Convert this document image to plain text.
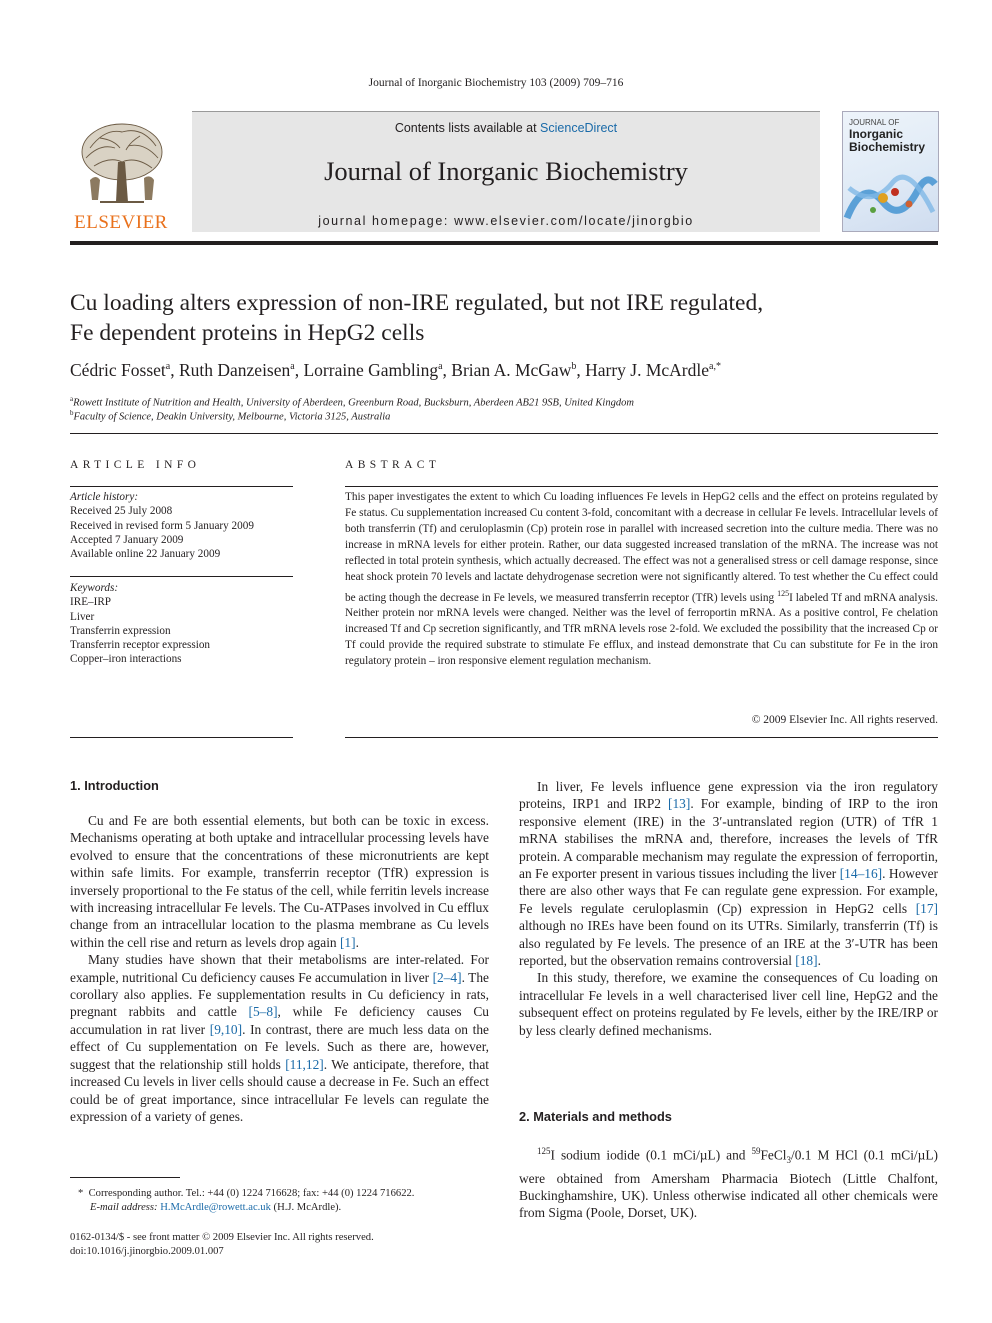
Journal of Inorganic Biochemistry 103 (2009) 709–716
ELSEVIER
Contents lists available at ScienceDirect
Journal of Inorganic Biochemistry
journal homepage: www.elsevier.com/locate/jinorgbio
JOURNAL OF
Inorganic
Biochemistry
Cu loading alters expression of non-IRE regulated, but not IRE regulated,
Fe dependent proteins in HepG2 cells
Cédric Fosset$^a$, Ruth Danzeisen$^a$, Lorraine Gambling$^a$, Brian A. McGaw$^b$, Harry J. McArdle$^{a,*}$
$^a$Rowett Institute of Nutrition and Health, University of Aberdeen, Greenburn Road, Bucksburn, Aberdeen AB21 9SB, United Kingdom
$^b$Faculty of Science, Deakin University, Melbourne, Victoria 3125, Australia
ARTICLE INFO
Article history:
Received 25 July 2008
Received in revised form 5 January 2009
Accepted 7 January 2009
Available online 22 January 2009
Keywords:
IRE–IRP
Liver
Transferrin expression
Transferrin receptor expression
Copper–iron interactions
ABSTRACT
This paper investigates the extent to which Cu loading influences Fe levels in HepG2 cells and the effect on proteins regulated by Fe status. Cu supplementation increased Cu content 3-fold, concomitant with a decrease in cellular Fe levels. Intracellular levels of both transferrin (Tf) and ceruloplasmin (Cp) protein rose in parallel with increased secretion into the culture media. There was no increase in mRNA levels for either protein. Rather, our data suggested increased translation of the mRNA. The increase was not reflected in total protein synthesis, which actually decreased. The effect was not a generalised stress or cell damage response, since heat shock protein 70 levels and lactate dehydrogenase secretion were not significantly altered. To test whether the Cu effect could be acting though the decrease in Fe levels, we measured transferrin receptor (TfR) levels using $^{125}$I labeled Tf and mRNA analysis. Neither protein nor mRNA levels were changed. Neither was the level of ferroportin mRNA. As a positive control, Fe chelation increased Tf and Cp secretion significantly, and TfR mRNA levels rose 2-fold. We excluded the possibility that the increased Cp or Tf could provide the required substrate to stimulate Fe efflux, and instead demonstrate that Cu can substitute for Fe in the iron regulatory protein – iron responsive element regulation mechanism.
© 2009 Elsevier Inc. All rights reserved.
1. Introduction

Cu and Fe are both essential elements, but both can be toxic in excess. Mechanisms operating at both uptake and intracellular processing levels have evolved to ensure that the concentrations of these micronutrients are kept within safe limits. For example, transferrin receptor (TfR) expression is inversely proportional to the Fe status of the cell, while ferritin levels increase with increasing intracellular Fe levels. The Cu-ATPases involved in Cu efflux change from an intracellular location to the plasma membrane as Cu levels within the cell rise and return as levels drop again [1].

Many studies have shown that their metabolisms are inter-related. For example, nutritional Cu deficiency causes Fe accumulation in liver [2–4]. The corollary also applies. Fe supplementation results in Cu deficiency in rats, pregnant rabbits and cattle [5–8], while Fe deficiency causes Cu accumulation in rat liver [9,10]. In contrast, there are much less data on the effect of Cu supplementation on Fe levels. Such as there are, however, suggest that the relationship still holds [11,12]. We anticipate, therefore, that increased Cu levels in liver cells should cause a decrease in Fe. Such an effect could be of great importance, since intracellular Fe levels can regulate the expression of a variety of genes.

* Corresponding author. Tel.: +44 (0) 1224 716628; fax: +44 (0) 1224 716622.
E-mail address: H.McArdle@rowett.ac.uk (H.J. McArdle).
0162-0134/$ - see front matter © 2009 Elsevier Inc. All rights reserved.
doi:10.1016/j.jinorgbio.2009.01.007

In liver, Fe levels influence gene expression via the iron regulatory proteins, IRP1 and IRP2 [13]. For example, binding of IRP to the iron responsive element (IRE) in the 3′-untranslated region (UTR) of TfR 1 mRNA stabilises the mRNA and, therefore, increases the levels of TfR protein. A comparable mechanism may regulate the expression of ferroportin, an Fe exporter present in various tissues including the liver [14–16]. However there are also other ways that Fe can regulate gene expression. For example, Fe levels regulate ceruloplasmin (Cp) expression in HepG2 cells [17] although no IREs have been found on its UTRs. Similarly, transferrin (Tf) is also regulated by Fe levels. The presence of an IRE at the 3′-UTR has been reported, but the observation remains controversial [18].

In this study, therefore, we examine the consequences of Cu loading on intracellular Fe levels in a well characterised liver cell line, HepG2 and the subsequent effect on proteins regulated by Fe levels, either by the IRE/IRP or by less clearly defined mechanisms.

2. Materials and methods

$^{125}$I sodium iodide (0.1 mCi/µL) and $^{59}$FeCl$_3$/0.1 M HCl (0.1 mCi/µL) were obtained from Amersham Pharmacia Biotech (Little Chalfont, Buckinghamshire, UK). Unless otherwise indicated all other chemicals were from Sigma (Poole, Dorset, UK).
